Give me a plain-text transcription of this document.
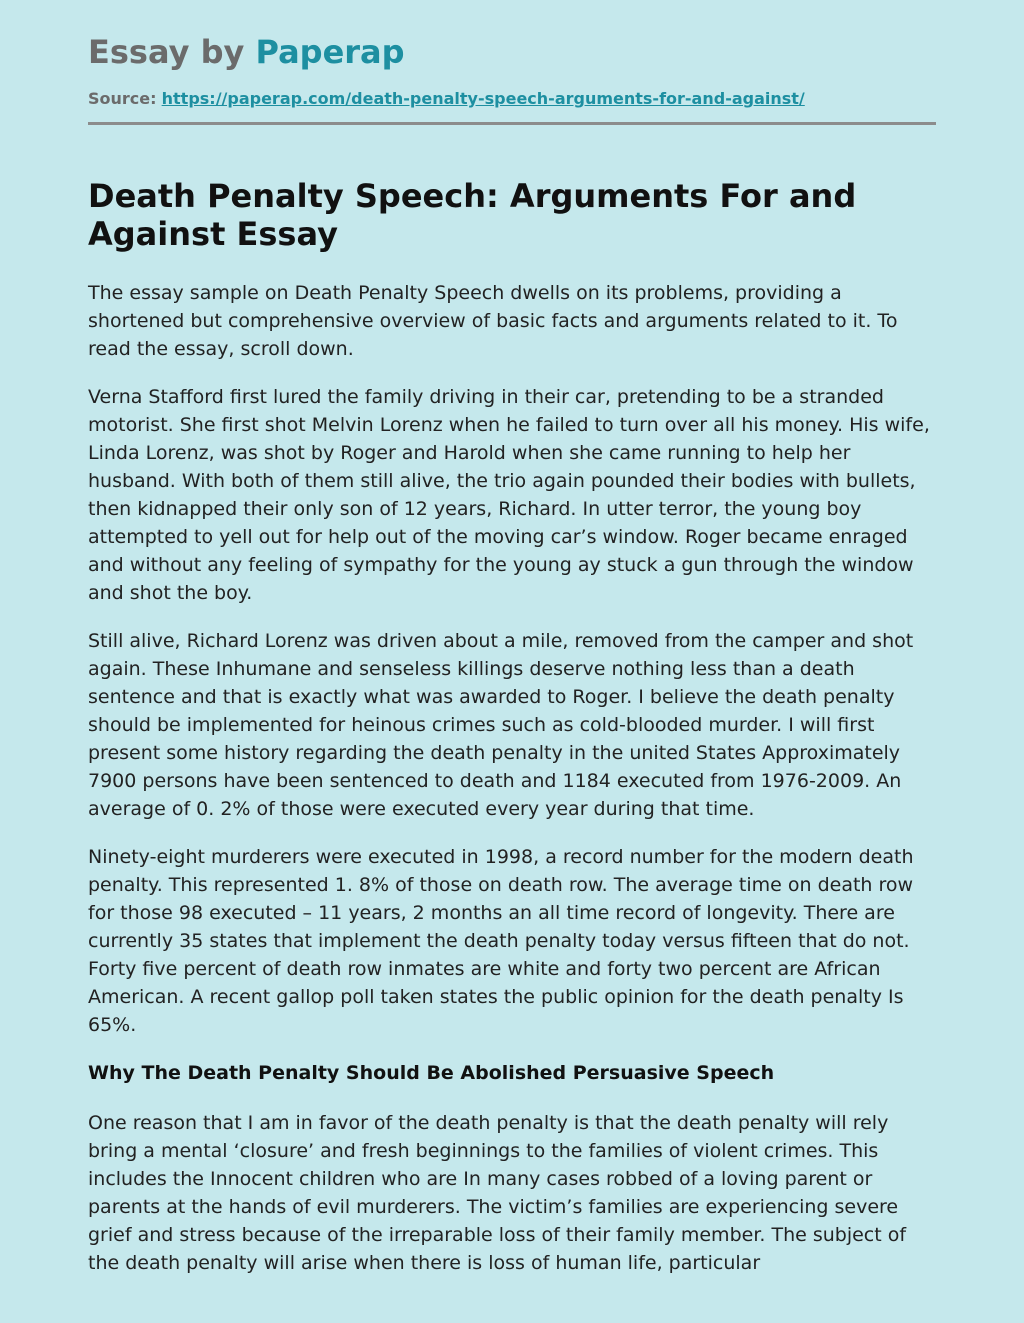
Essay by Paperap
Source: https://paperap.com/death-penalty-speech-arguments-for-and-against/
Death Penalty Speech: Arguments For and Against Essay

The essay sample on Death Penalty Speech dwells on its problems, providing a shortened but comprehensive overview of basic facts and arguments related to it. To read the essay, scroll down.

Verna Stafford first lured the family driving in their car, pretending to be a stranded motorist. She first shot Melvin Lorenz when he failed to turn over all his money. His wife, Linda Lorenz, was shot by Roger and Harold when she came running to help her husband. With both of them still alive, the trio again pounded their bodies with bullets, then kidnapped their only son of 12 years, Richard. In utter terror, the young boy attempted to yell out for help out of the moving car’s window. Roger became enraged and without any feeling of sympathy for the young ay stuck a gun through the window and shot the boy.

Still alive, Richard Lorenz was driven about a mile, removed from the camper and shot again. These Inhumane and senseless killings deserve nothing less than a death sentence and that is exactly what was awarded to Roger. I believe the death penalty should be implemented for heinous crimes such as cold-blooded murder. I will first present some history regarding the death penalty in the united States Approximately 7900 persons have been sentenced to death and 1184 executed from 1976-2009. An average of 0. 2% of those were executed every year during that time.

Ninety-eight murderers were executed in 1998, a record number for the modern death penalty. This represented 1. 8% of those on death row. The average time on death row for those 98 executed – 11 years, 2 months an all time record of longevity. There are currently 35 states that implement the death penalty today versus fifteen that do not. Forty five percent of death row inmates are white and forty two percent are African American. A recent gallop poll taken states the public opinion for the death penalty Is 65%.

Why The Death Penalty Should Be Abolished Persuasive Speech

One reason that I am in favor of the death penalty is that the death penalty will rely bring a mental ‘closure’ and fresh beginnings to the families of violent crimes. This includes the Innocent children who are In many cases robbed of a loving parent or parents at the hands of evil murderers. The victim’s families are experiencing severe grief and stress because of the irreparable loss of their family member. The subject of the death penalty will arise when there is loss of human life, particular
